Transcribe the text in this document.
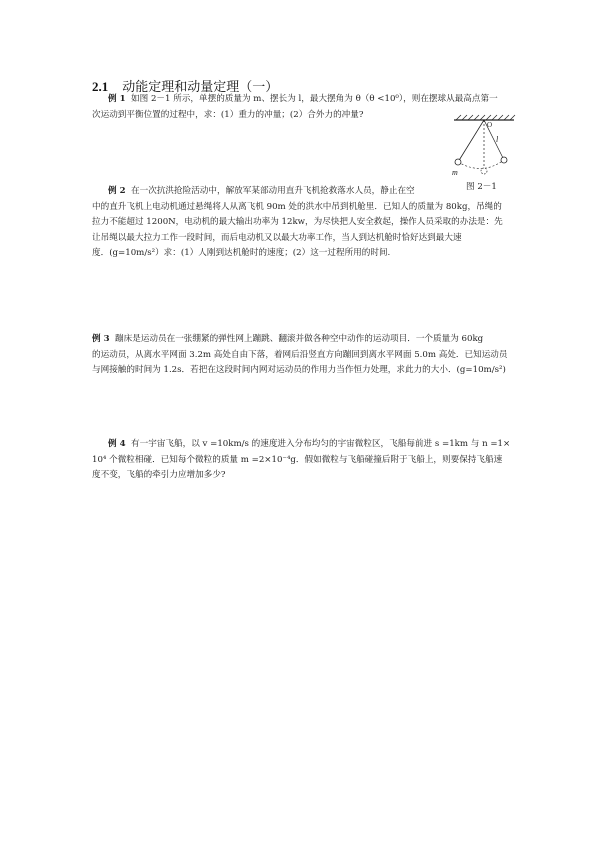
2.1 动能定理和动量定理（一）
例 1 如图 2－1 所示，单摆的质量为 m、摆长为 l，最大摆角为 θ（θ <10⁰），则在摆球从最高点第一
次运动到平衡位置的过程中，求：(1）重力的冲量；(2）合外力的冲量?
O
l
m
图 2－1
例 2 在一次抗洪抢险活动中，解放军某部动用直升飞机抢救落水人员，静止在空
中的直升飞机上电动机通过悬绳将人从离飞机 90m 处的洪水中吊到机舱里．已知人的质量为 80kg，吊绳的
拉力不能超过 1200N，电动机的最大输出功率为 12kw，为尽快把人安全救起，操作人员采取的办法是：先
让吊绳以最大拉力工作一段时间，而后电动机又以最大功率工作，当人到达机舱时恰好达到最大速
度．(g=10m/s²）求：(1）人刚到达机舱时的速度；(2）这一过程所用的时间.
例 3 蹦床是运动员在一张绷紧的弹性网上蹦跳、翻滚并做各种空中动作的运动项目．一个质量为 60kg
的运动员，从离水平网面 3.2m 高处自由下落，着网后沿竖直方向蹦回到离水平网面 5.0m 高处．已知运动员
与网接触的时间为 1.2s．若把在这段时间内网对运动员的作用力当作恒力处理，求此力的大小．(g=10m/s²)
例 4 有一宇宙飞船，以 v =10km/s 的速度进入分布均匀的宇宙微粒区，飞船每前进 s =1km 与 n =1×
10⁴ 个微粒相碰．已知每个微粒的质量 m =2×10⁻⁴g．假如微粒与飞船碰撞后附于飞船上，则要保持飞船速
度不变，飞船的牵引力应增加多少?
